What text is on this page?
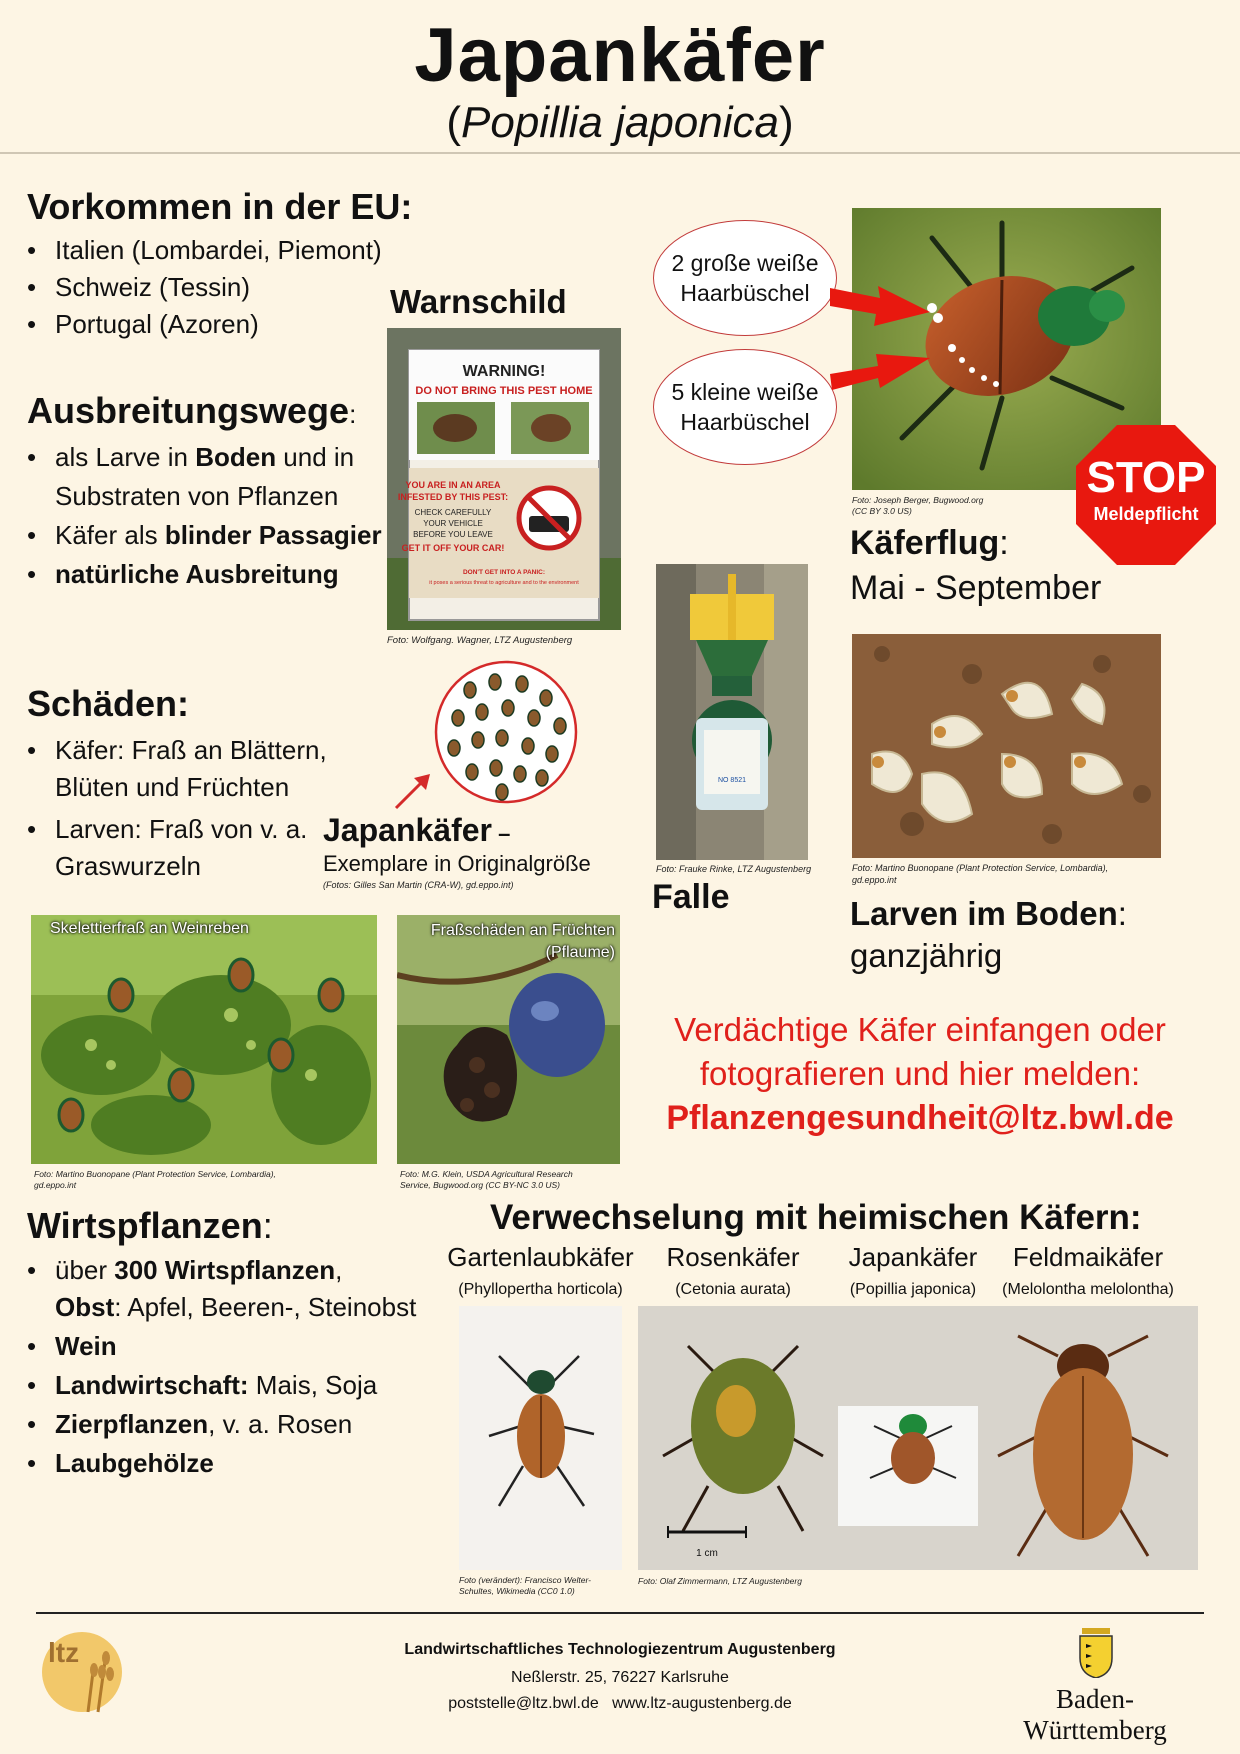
Japankäfer
(Popillia japonica)
Vorkommen in der EU:
• Italien (Lombardei, Piemont)
• Schweiz (Tessin)
• Portugal (Azoren)
Warnschild
WARNING!
DO NOT BRING THIS PEST HOME
YOU ARE IN AN AREA
INFESTED BY THIS PEST:
CHECK CAREFULLY
YOUR VEHICLE
BEFORE YOU LEAVE
GET IT OFF YOUR CAR!
DON'T GET INTO A PANIC:
it poses a serious threat to agriculture and to the environment
Foto: Wolfgang. Wagner, LTZ Augustenberg
Ausbreitungswege:
• als Larve in Boden und in Substraten von Pflanzen
• Käfer als blinder Passagier
• natürliche Ausbreitung
Foto: Joseph Berger, Bugwood.org
(CC BY 3.0 US)
2 große weiße Haarbüschel
5 kleine weiße Haarbüschel
STOP
Meldepflicht
Käferflug:
Mai - September
Schäden:
• Käfer: Fraß an Blättern, Blüten und Früchten
• Larven: Fraß von v. a. Graswurzeln
Japankäfer –
Exemplare in Originalgröße
(Fotos: Gilles San Martin (CRA-W), gd.eppo.int)
NO 8521
Foto: Frauke Rinke, LTZ Augustenberg
Falle
Foto: Martino Buonopane (Plant Protection Service, Lombardia),
gd.eppo.int
Larven im Boden:
ganzjährig
Skelettierfraß an Weinreben
Foto: Martino Buonopane (Plant Protection Service, Lombardia),
gd.eppo.int
Fraßschäden an Früchten
(Pflaume)
Foto: M.G. Klein, USDA Agricultural Research
Service, Bugwood.org (CC BY-NC 3.0 US)
Verdächtige Käfer einfangen oder
fotografieren und hier melden:
Pflanzengesundheit@ltz.bwl.de
Wirtspflanzen:
• über 300 Wirtspflanzen,
Obst: Apfel, Beeren-, Steinobst
• Wein
• Landwirtschaft: Mais, Soja
• Zierpflanzen, v. a. Rosen
• Laubgehölze
Verwechselung mit heimischen Käfern:
Gartenlaubkäfer
(Phyllopertha horticola)
Rosenkäfer
(Cetonia aurata)
Japankäfer
(Popillia japonica)
Feldmaikäfer
(Melolontha melolontha)
1 cm
Foto (verändert): Francisco Welter-
Schultes, Wikimedia (CC0 1.0)
Foto: Olaf Zimmermann, LTZ Augustenberg
ltz	Landwirtschaftliches Technologiezentrum Augustenberg
Neßlerstr. 25, 76227 Karlsruhe
poststelle@ltz.bwl.de   www.ltz-augustenberg.de	Baden-Württemberg
